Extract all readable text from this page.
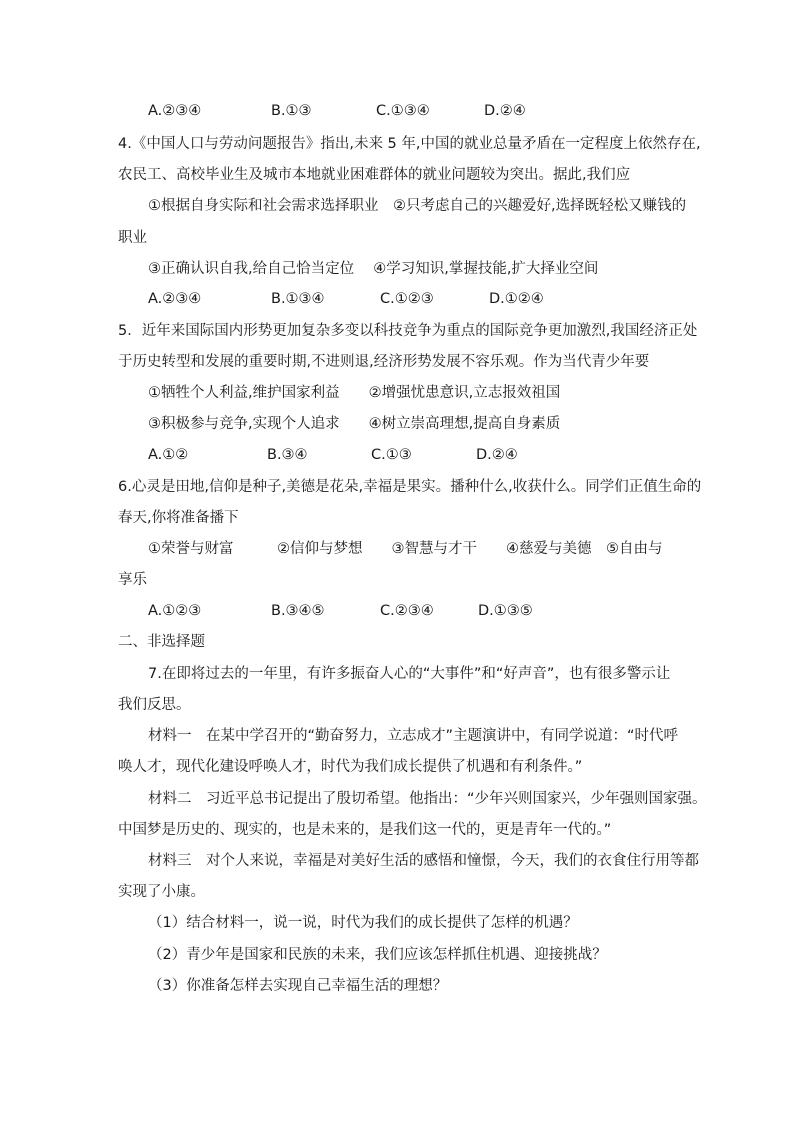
A.②③④	B.①③	C.①③④	D.②④
4.《中国人口与劳动问题报告》指出,未来 5 年,中国的就业总量矛盾在一定程度上依然存在,
农民工、高校毕业生及城市本地就业困难群体的就业问题较为突出。据此,我们应
①根据自身实际和社会需求选择职业　②只考虑自己的兴趣爱好,选择既轻松又赚钱的
职业
③正确认识自我,给自己恰当定位　 ④学习知识,掌握技能,扩大择业空间
A.②③④	B.①③④	C.①②③	D.①②④
5．近年来国际国内形势更加复杂多变以科技竞争为重点的国际竞争更加激烈,我国经济正处
于历史转型和发展的重要时期,不进则退,经济形势发展不容乐观。作为当代青少年要
①牺牲个人利益,维护国家利益　　②增强忧患意识,立志报效祖国
③积极参与竞争,实现个人追求　　④树立崇高理想,提高自身素质
A.①②	B.③④	C.①③	D.②④
6.心灵是田地,信仰是种子,美德是花朵,幸福是果实。播种什么,收获什么。同学们正值生命的
春天,你将准备播下
①荣誉与财富　　　②信仰与梦想　　③智慧与才干　　④慈爱与美德　⑤自由与
享乐
A.①②③	B.③④⑤	C.②③④	D.①③⑤
二、非选择题
7.在即将过去的一年里，有许多振奋人心的“大事件”和“好声音”，也有很多警示让
我们反思。
材料一　在某中学召开的“勤奋努力，立志成才”主题演讲中，有同学说道：“时代呼
唤人才，现代化建设呼唤人才，时代为我们成长提供了机遇和有利条件。”
材料二　习近平总书记提出了殷切希望。他指出：“少年兴则国家兴，少年强则国家强。
中国梦是历史的、现实的，也是未来的，是我们这一代的，更是青年一代的。”
材料三　对个人来说，幸福是对美好生活的感悟和憧憬，今天，我们的衣食住行用等都
实现了小康。
（1）结合材料一，说一说，时代为我们的成长提供了怎样的机遇？
（2）青少年是国家和民族的未来，我们应该怎样抓住机遇、迎接挑战？
（3）你准备怎样去实现自己幸福生活的理想？
